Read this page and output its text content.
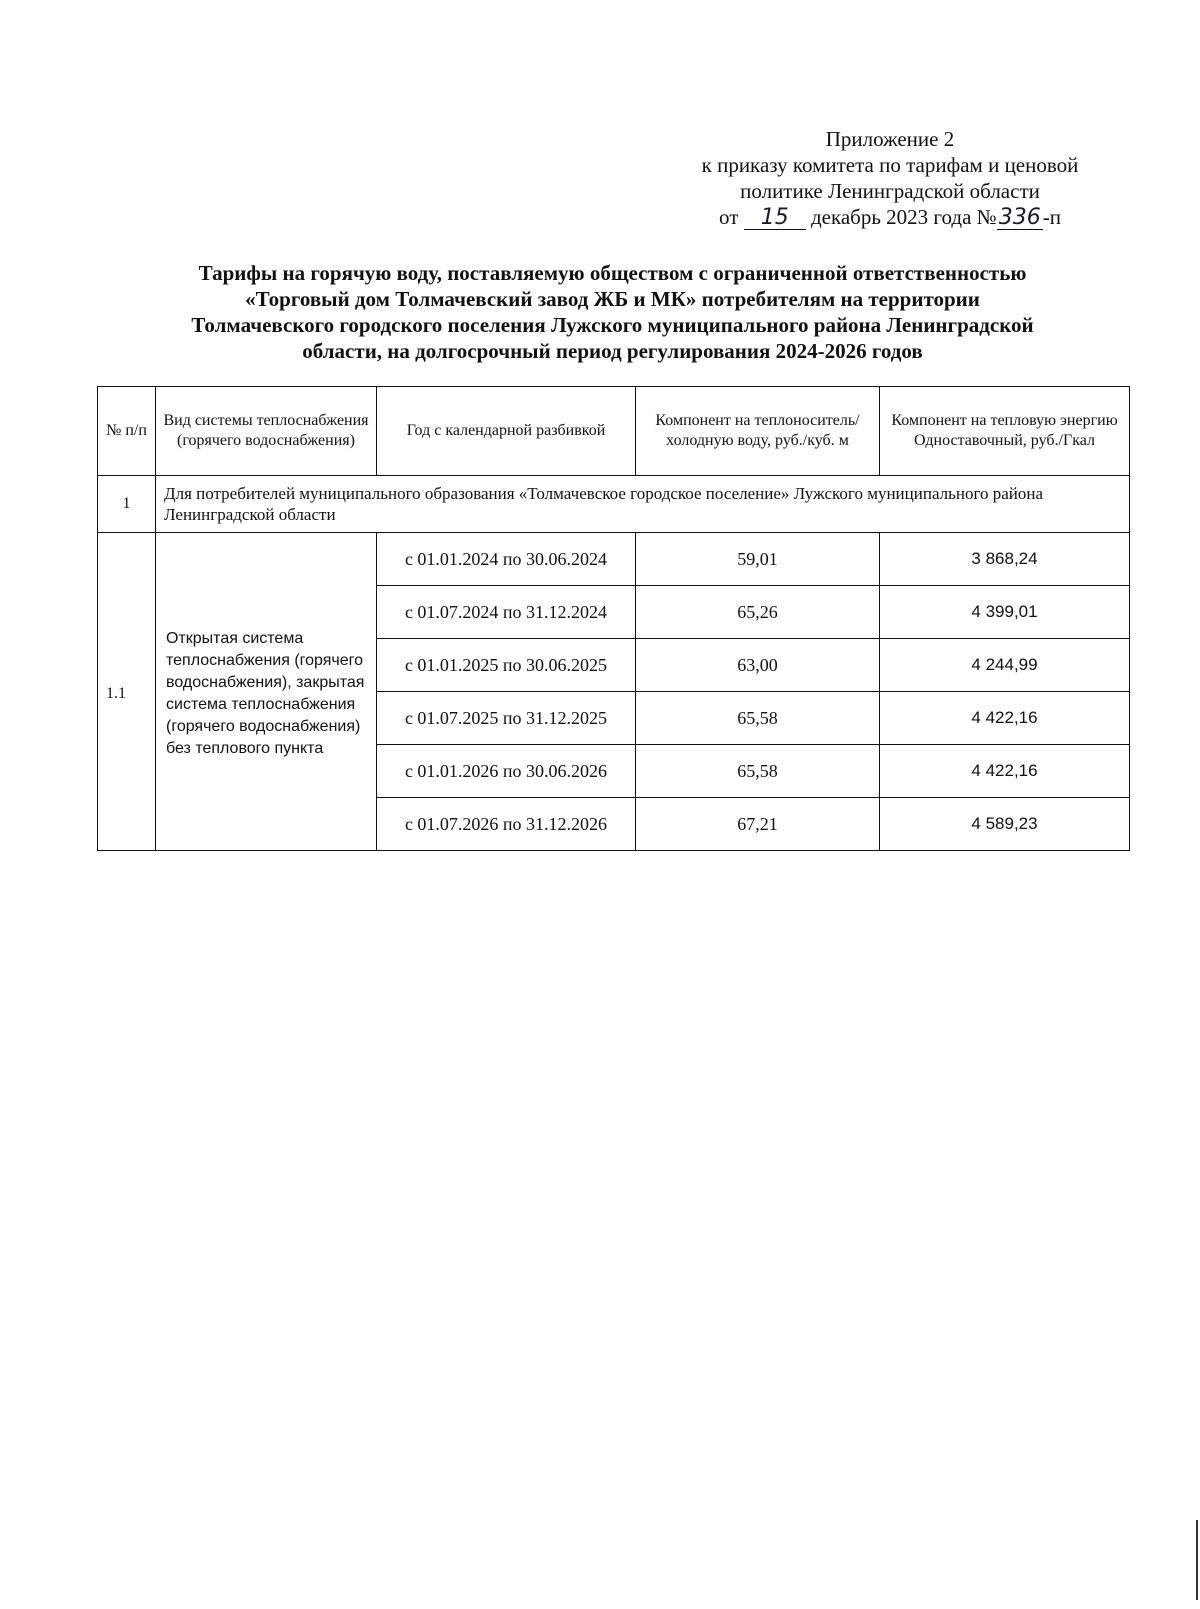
Приложение 2
к приказу комитета по тарифам и ценовой
политике Ленинградской области
от 15 декабрь 2023 года №336-п
Тарифы на горячую воду, поставляемую обществом с ограниченной ответственностью
«Торговый дом Толмачевский завод ЖБ и МК» потребителям на территории
Толмачевского городского поселения Лужского муниципального района Ленинградской
области, на долгосрочный период регулирования 2024-2026 годов
№ п/п	Вид системы теплоснабжения (горячего водоснабжения)	Год с календарной разбивкой	Компонент на теплоноситель/холодную воду, руб./куб. м	Компонент на тепловую энергию Одноставочный, руб./Гкал
1	Для потребителей муниципального образования «Толмачевское городское поселение» Лужского муниципального района Ленинградской области			
1.1	Открытая система теплоснабжения (горячего водоснабжения), закрытая система теплоснабжения (горячего водоснабжения) без теплового пункта	с 01.01.2024 по 30.06.2024	59,01	3 868,24
		с 01.07.2024 по 31.12.2024	65,26	4 399,01
		с 01.01.2025 по 30.06.2025	63,00	4 244,99
		с 01.07.2025 по 31.12.2025	65,58	4 422,16
		с 01.01.2026 по 30.06.2026	65,58	4 422,16
		с 01.07.2026 по 31.12.2026	67,21	4 589,23
